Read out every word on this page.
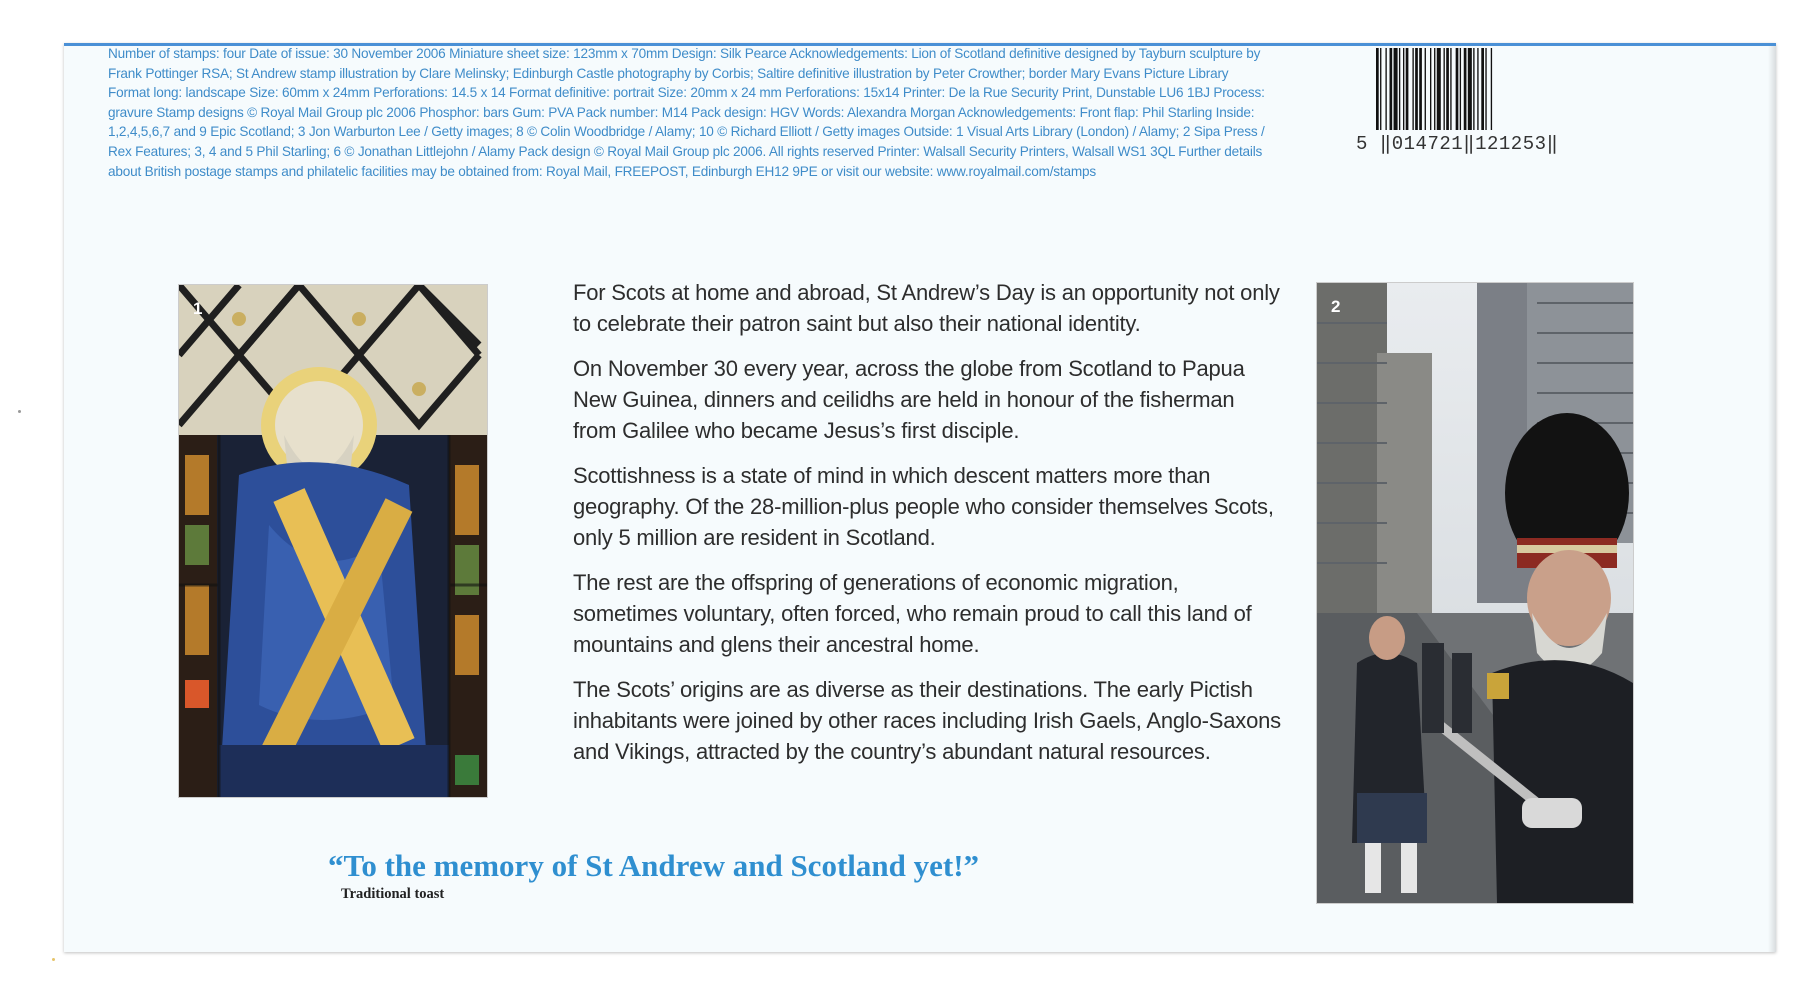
Number of stamps: four Date of issue: 30 November 2006 Miniature sheet size: 123mm x 70mm Design: Silk Pearce Acknowledgements: Lion of Scotland definitive designed by Tayburn sculpture by Frank Pottinger RSA; St Andrew stamp illustration by Clare Melinsky; Edinburgh Castle photography by Corbis; Saltire definitive illustration by Peter Crowther; border Mary Evans Picture Library Format long: landscape Size: 60mm x 24mm Perforations: 14.5 x 14 Format definitive: portrait Size: 20mm x 24 mm Perforations: 15x14 Printer: De la Rue Security Print, Dunstable LU6 1BJ Process: gravure Stamp designs © Royal Mail Group plc 2006 Phosphor: bars Gum: PVA Pack number: M14 Pack design: HGV Words: Alexandra Morgan Acknowledgements: Front flap: Phil Starling Inside: 1,2,4,5,6,7 and 9 Epic Scotland; 3 Jon Warburton Lee / Getty images; 8 © Colin Woodbridge / Alamy; 10 © Richard Elliott / Getty images Outside: 1 Visual Arts Library (London) / Alamy; 2 Sipa Press / Rex Features; 3, 4 and 5 Phil Starling; 6 © Jonathan Littlejohn / Alamy Pack design © Royal Mail Group plc 2006. All rights reserved Printer: Walsall Security Printers, Walsall WS1 3QL Further details about British postage stamps and philatelic facilities may be obtained from: Royal Mail, FREEPOST, Edinburgh EH12 9PE or visit our website: www.royalmail.com/stamps
5 ‖014721‖121253‖
1

For Scots at home and abroad, St Andrew’s Day is an opportunity not only to celebrate their patron saint but also their national identity.

On November 30 every year, across the globe from Scotland to Papua New Guinea, dinners and ceilidhs are held in honour of the fisherman from Galilee who became Jesus’s first disciple.

Scottishness is a state of mind in which descent matters more than geography. Of the 28-million-plus people who consider themselves Scots, only 5 million are resident in Scotland.

The rest are the offspring of generations of economic migration, sometimes voluntary, often forced, who remain proud to call this land of mountains and glens their ancestral home.

The Scots’ origins are as diverse as their destinations. The early Pictish inhabitants were joined by other races including Irish Gaels, Anglo-Saxons and Vikings, attracted by the country’s abundant natural resources.

2
“To the memory of St Andrew and Scotland yet!”
Traditional toast
